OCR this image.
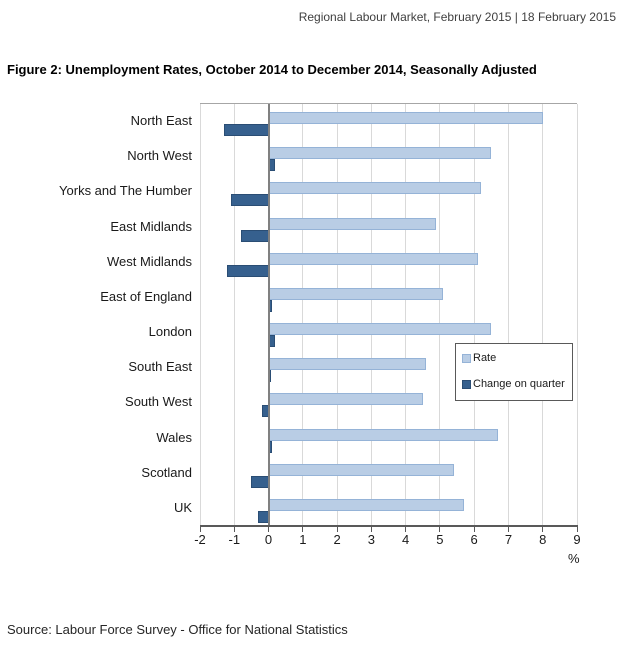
Regional Labour Market, February 2015 | 18 February 2015
Figure 2: Unemployment Rates, October 2014 to December 2014, Seasonally Adjusted
North East
North West
Yorks and The Humber
East Midlands
West Midlands
East of England
London
South East
South West
Wales
Scotland
UK
-2 -1 0 1 2 3 4 5 6 7 8 9
%
Rate
Change on quarter
Source: Labour Force Survey - Office for National Statistics
